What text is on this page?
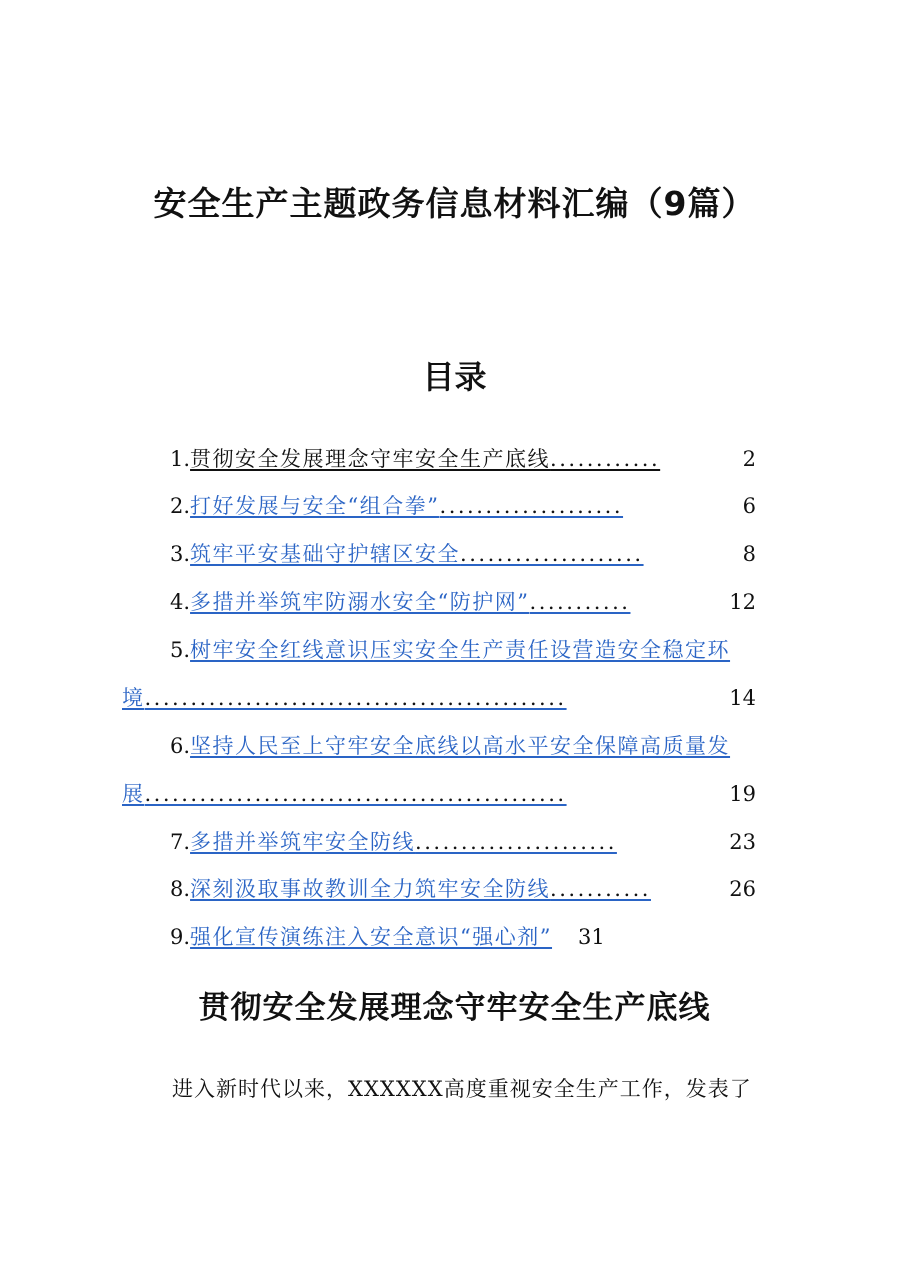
安全生产主题政务信息材料汇编（9篇）
目录
1. 贯彻安全发展理念守牢安全生产底线 ............	2
2. 打好发展与安全“组合拳” ....................	6
3. 筑牢平安基础守护辖区安全 ....................	8
4. 多措并举筑牢防溺水安全“防护网” ...........	12
5. 树牢安全红线意识压实安全生产责任设营造安全稳定环
境 ..............................................	14
6. 坚持人民至上守牢安全底线以高水平安全保障高质量发
展 ..............................................	19
7. 多措并举筑牢安全防线 ......................	23
8. 深刻汲取事故教训全力筑牢安全防线 ...........	26
9. 强化宣传演练注入安全意识“强心剂”	31
贯彻安全发展理念守牢安全生产底线
进入新时代以来，XXXXXX高度重视安全生产工作，发表了
